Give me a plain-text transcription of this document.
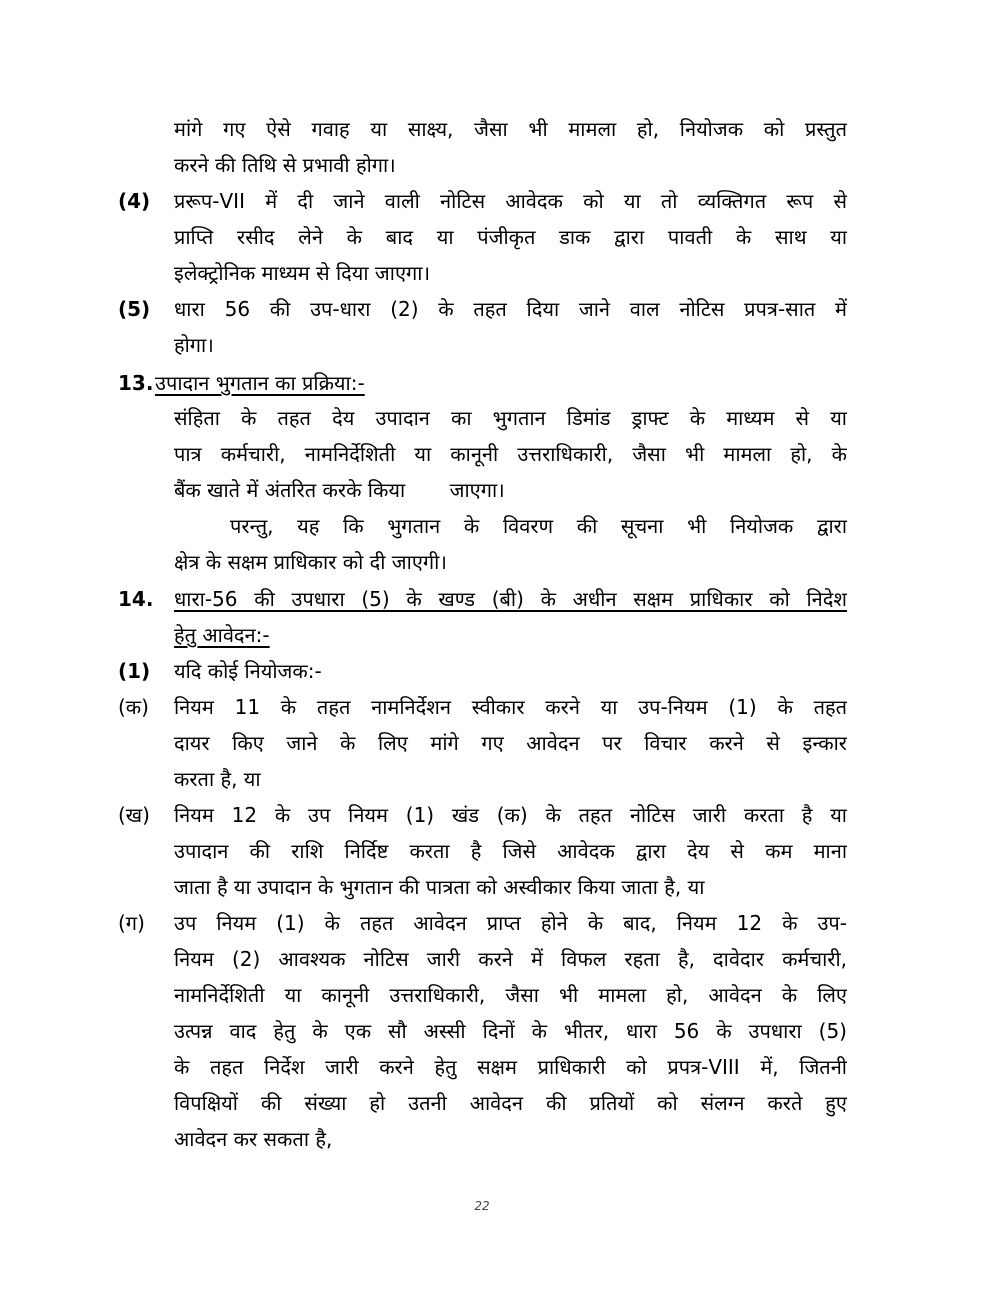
मांगे गए ऐसे गवाह या साक्ष्य, जैसा भी मामला हो, नियोजक को प्रस्तुत
करने की तिथि से प्रभावी होगा।
(4) प्ररूप-VII में दी जाने वाली नोटिस आवेदक को या तो व्यक्तिगत रूप से
प्राप्ति रसीद लेने के बाद या पंजीकृत डाक द्वारा पावती के साथ या
इलेक्ट्रोनिक माध्यम से दिया जाएगा।
(5) धारा 56 की उप-धारा (2) के तहत दिया जाने वाल नोटिस प्रपत्र-सात में
होगा।
13. उपादान भुगतान का प्रक्रिया:-
संहिता के तहत देय उपादान का भुगतान डिमांड ड्राफ्ट के माध्यम से या
पात्र कर्मचारी, नामनिर्देशिती या कानूनी उत्तराधिकारी, जैसा भी मामला हो, के
बैंक खाते में अंतरित करके किया       जाएगा।
परन्तु, यह कि भुगतान के विवरण की सूचना भी नियोजक द्वारा
क्षेत्र के सक्षम प्राधिकार को दी जाएगी।
14. धारा-56 की उपधारा (5) के खण्ड (बी) के अधीन सक्षम प्राधिकार को निदेश
हेतु आवेदन:-
(1) यदि कोई नियोजक:-
(क) नियम 11 के तहत नामनिर्देशन स्वीकार करने या उप-नियम (1) के तहत
दायर किए जाने के लिए मांगे गए आवेदन पर विचार करने से इन्कार
करता है, या
(ख) नियम 12 के उप नियम (1) खंड (क) के तहत नोटिस जारी करता है या
उपादान की राशि निर्दिष्ट करता है जिसे आवेदक द्वारा देय से कम माना
जाता है या उपादान के भुगतान की पात्रता को अस्वीकार किया जाता है, या
(ग) उप नियम (1) के तहत आवेदन प्राप्त होने के बाद, नियम 12 के उप-
नियम (2) आवश्यक नोटिस जारी करने में विफल रहता है, दावेदार कर्मचारी,
नामनिर्देशिती या कानूनी उत्तराधिकारी, जैसा भी मामला हो, आवेदन के लिए
उत्पन्न वाद हेतु के एक सौ अस्सी दिनों के भीतर, धारा 56 के उपधारा (5)
के तहत निर्देश जारी करने हेतु सक्षम प्राधिकारी को प्रपत्र-VIII में, जितनी
विपक्षियों की संख्या हो उतनी आवेदन की प्रतियों को संलग्न करते हुए
आवेदन कर सकता है,
22
